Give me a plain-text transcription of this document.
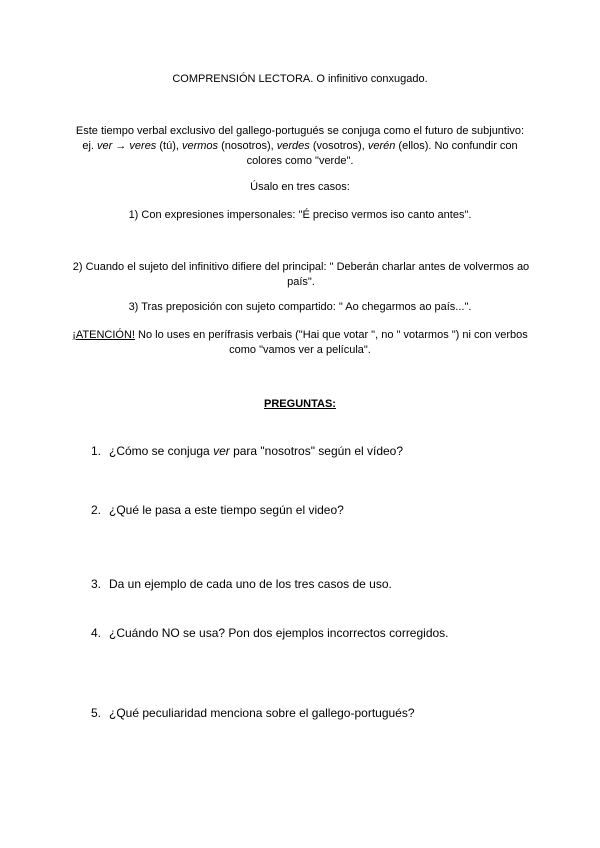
COMPRENSIÓN LECTORA. O infinitivo conxugado.
Este tiempo verbal exclusivo del gallego-portugués se conjuga como el futuro de subjuntivo:
ej. ver → veres (tú), vermos (nosotros), verdes (vosotros), verén (ellos). No confundir con
colores como "verde".
Úsalo en tres casos:
1) Con expresiones impersonales: "É preciso vermos iso canto antes".
2) Cuando el sujeto del infinitivo difiere del principal: " Deberán charlar antes de volvermos ao país".
3) Tras preposición con sujeto compartido: " Ao chegarmos ao país...".
¡ATENCIÓN! No lo uses en perífrasis verbais ("Hai que votar ", no " votarmos ") ni con verbos como "vamos ver a película".
PREGUNTAS:
1. ¿Cómo se conjuga ver para "nosotros" según el vídeo?
2. ¿Qué le pasa a este tiempo según el video?
3. Da un ejemplo de cada uno de los tres casos de uso.
4. ¿Cuándo NO se usa? Pon dos ejemplos incorrectos corregidos.
5. ¿Qué peculiaridad menciona sobre el gallego-portugués?
